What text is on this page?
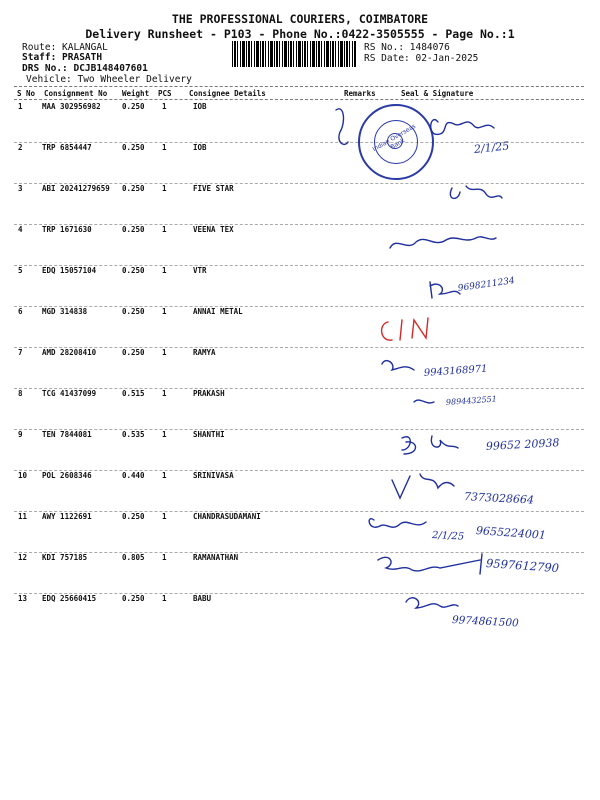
THE PROFESSIONAL COURIERS, COIMBATORE
Delivery Runsheet - P103 - Phone No.:0422-3505555 - Page No.:1
Route: KALANGAL
Staff: PRASATH
DRS No.: DCJB148407601
Vehicle: Two Wheeler Delivery
RS No.: 1484076
RS Date: 02-Jan-2025
S No Consignment No Weight PCS Consignee Details	Remarks	Seal & Signature
1	MAA 302956982	0.250 1	IOB
2	TRP 6854447	0.250 1	IOB
3	ABI 20241279659 0.250 1	FIVE STAR
4	TRP 1671630	0.250 1	VEENA TEX
5	EDQ 15057104	0.250 1	VTR
6	MGD 314838	0.250 1	ANNAI METAL
7	AMD 28208410	0.250 1	RAMYA
8	TCG 41437099	0.515 1	PRAKASH
9	TEN 7844081	0.535 1	SHANTHI
10 POL 2608346	0.440 1	SRINIVASA
11 AWY 1122691	0.250 1	CHANDRASUDAMANI
12 KDI 757185	0.805 1	RAMANATHAN
13 EDQ 25660415	0.250 1	BABU
Indian Overseas Bank	2/1/25
9698211234
9943168971
9894432551
99652 20938
7373028664
2/1/25 9655224001
9597612790
9974861500
